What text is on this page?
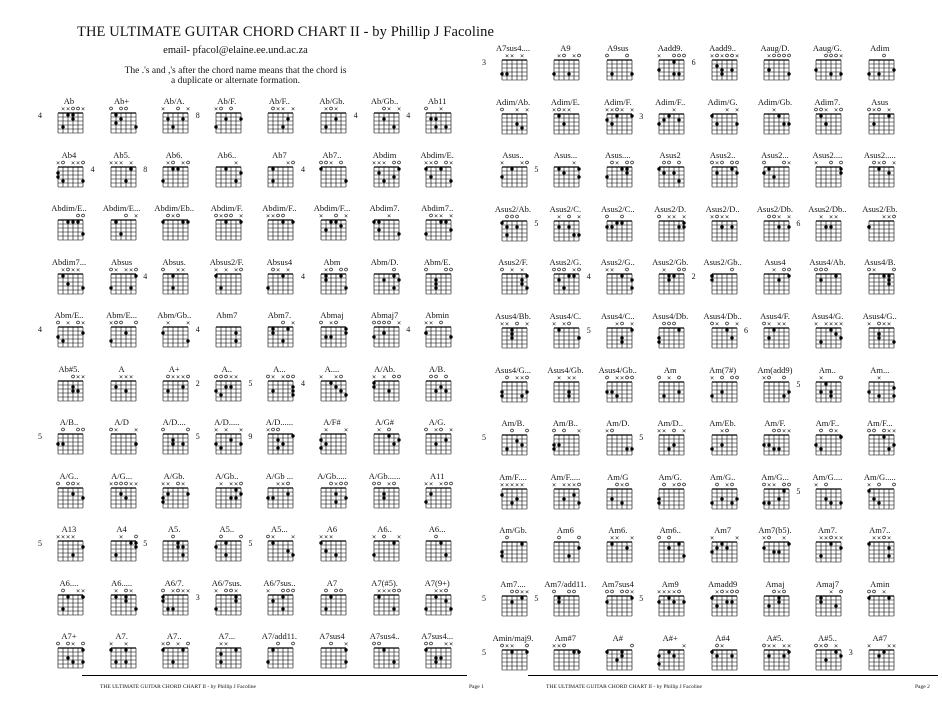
THE ULTIMATE GUITAR CHORD CHART II - by Phillip J Facoline
email- pfacol@elaine.ee.und.ac.za
The .'s and ,'s after the chord name means that the chord is
a duplicate or alternate formation.
Ab
4
× × ×
Ab+	Ab/A.
×	×
Ab/F.
8
×
Ab/F..
× × ×
Ab/Gb.
× ×
Ab/Gb..
4
× ×
Ab11
4
×
Ab4
× × ×
Ab5.
4
× × × ×
Ab6.
8
× ×
Ab6..
×
Ab7
×
Ab7..
4
×
Abdim
× × ×
Abdim/E.
× ×	×
Abdim/E..	Abdim/E...
×
Abdim/Eb..
×
Abdim/F.
×	×
Abdim/F..
× ×
Abdim/F...
×	×
Abdim7.
×
Abdim7..
× × ×
Abdim7...
× × ×
Absus
× × ×
Absus.
4
× ×
Absus2/F.
× × ×
Absus4
× ×
Abm
4
×
Abm/D.	Abm/E.
Abm/E..
4
× ×
Abm/E...
×
Abm/Gb..
×	×
Abm7
4
Abm7.
×
Abmaj
×
Abmaj7
×
Abmin
4
× ×
Ab#5.
× ×
A
× × ×
A+
× × ×
A..
2
× ×
A...
5
× ×
A....
4
× ×
A/Ab.
× ×
A/B.
A/B..
5
A/D
×	×
A/D....	A/D.....
5
× × ×
A/D......
9
×
A/F#
×	×
A/G#
×
A/G.
× ×
A/G..
×
A/G...
×	× ×
A/Gb.
× × ×
A/Gb..
× × ×
A/Gb ...
× ×
A/Gb.....
×
A/Gb......
×
A11
× × ×
A13
5
× × × ×
A4
×
A5.
5
A5..	A5...
5
×	×
A6
× × ×
A6..
×	×
A6...
A6....
× ×
A6.....
× ×
A6/7.
× × ×
A6/7sus.
3
×	×
A6/7sus..
×
A7	A7(#5).
× × ×
A7(9+)
× ×
A7+
×
A7.
× ×
A7..
× ×
A7...
× ×
A7/add11.	A7sus4
×
A7sus4..	A7sus4...
× ×
THE ULTIMATE GUITAR CHORD CHART II - by Phillip J Facoline	Page 1
A7sus4....
3
× × ×
A9
× ×
A9sus	Aadd9.
×
Aadd9..
6
× × ×
Aaug/D.
×
Aaug/G.
×
Adim
Adim/Ab.
× ×
Adim/E.
× × ×
Adim/F.
× × × ×
Adim/F..
3
×
Adim/G.
× ×
Adim/Gb.
×
Adim7.
× ×
Asus
× ×
Asus..
×	×
Asus...
5
×
Asus....
×
Asus2	Asus2..
×
Asus2...
×
Asus2....
×
Asus2.....
× ×
Asus2/Ab.	Asus2/C.
5
×	×
Asus2/C..	Asus2/D.
× × ×
Asus2/D..
× × ×
Asus2/Db.
× ×
Asus2/Db..
6
× × ×
Asus2/Eb.
× ×
Asus2/F.
× ×
Asus2/G.
×
Asus2/G..
4
× ×
Asus2/Gb.
×
Asus2/Gb..
2
Asus4
×
Asus4/Ab.	Asus4/B.
×
Asus4/Bb.
× ×	×
Asus4/C.
× ×
Asus4/C..
5
× ×
Asus4/Db.	Asus4/Db..
×	×
Asus4/F.
6
× × ×
Asus4/G.
× × × × ×
Asus4/G..
× × ×
Asus4/G...
× ×
Asus4/Gb.
× × ×
Asus4/Gb..
× ×
Am
×
Am(7#)
×
Am(add9)
×
Am..
5
×
Am...
×
Am/B.
5
Am/B..
×
Am/D.
×
Am/D..
5
× ×	×
Am/Eb.
×
Am/F.
× ×
Am/F..
×
Am/F...
× ×
Am/F....
× × × × ×
Am/F.....
× × × ×
Am/G
×
Am/G.
×
Am/G..
×
Am/G...
× ×
Am/G....
5
×
Am/G.....
×
Am/Gb.	Am6	Am6.
× × ×
Am6..	Am7
×	×
Am7(b5).
×	×
Am7.
× × × ×
Am7..
× × ×
Am7....
5
× ×
Am7/add11.
5
Am7sus4
×
Am9
5
× × × ×
Amadd9
× ×
Amaj
×
Amaj7
×
Amin
×
Amin/maj9.
5
× ×
Am#7
× ×
A#	A#+
×
A#4
×
A#5.
× × × ×
A#5..
× ×
A#7
3
×	× ×
THE ULTIMATE GUITAR CHORD CHART II - by Phillip J Facoline	Page 2
